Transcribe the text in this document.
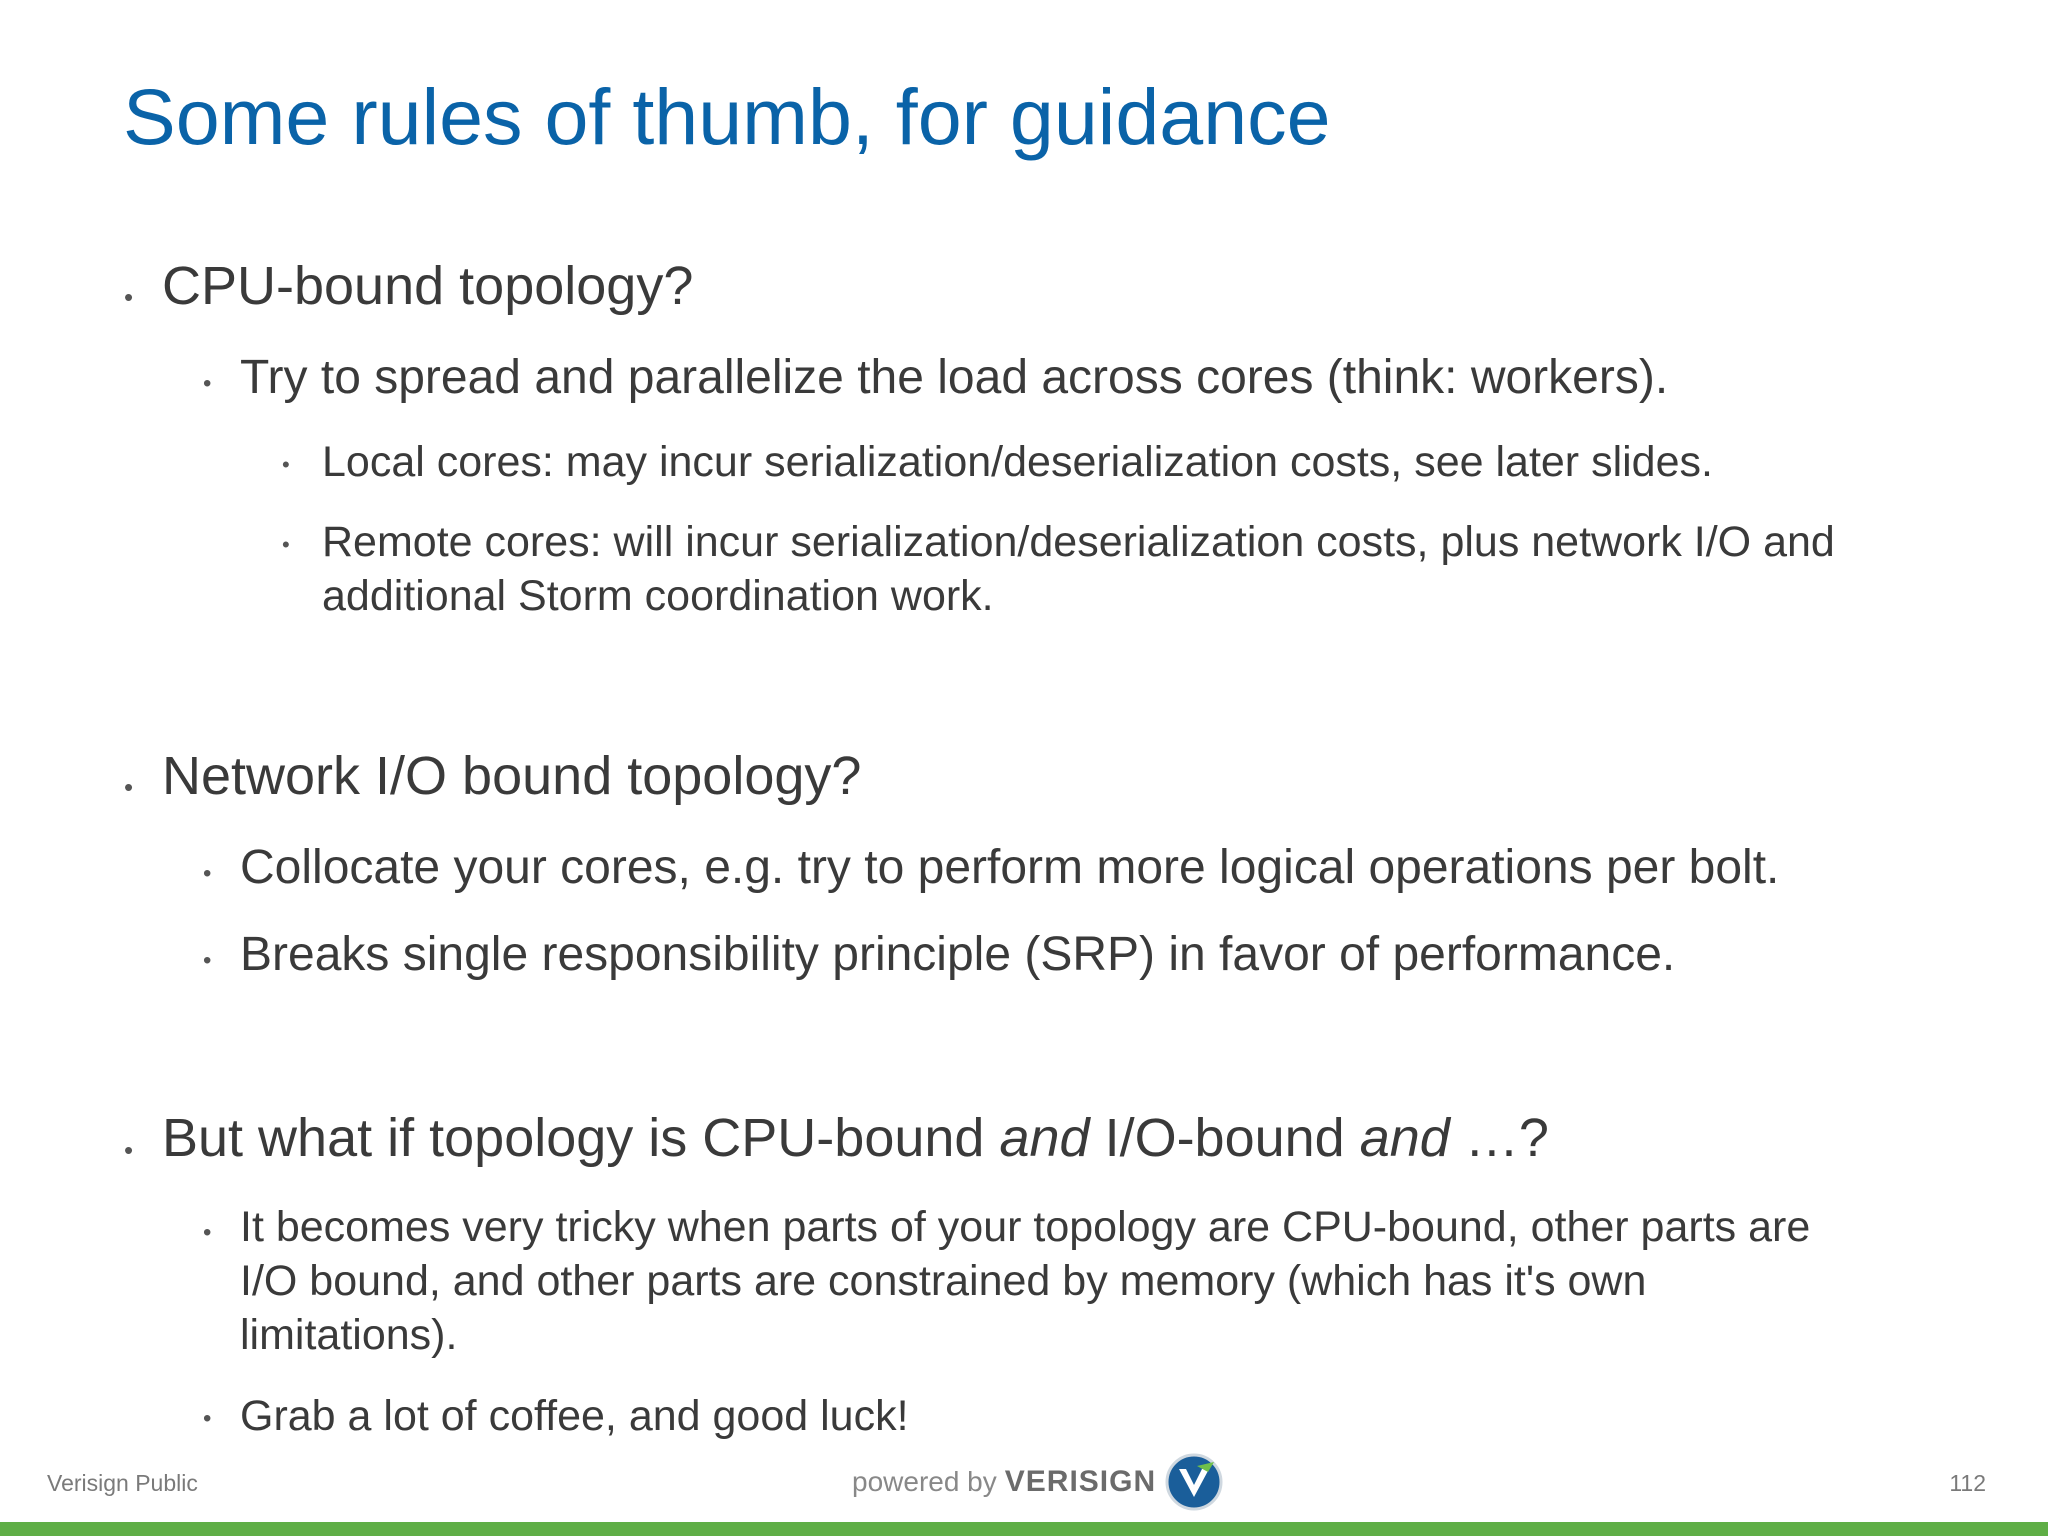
Some rules of thumb, for guidance
• CPU-bound topology?
• Try to spread and parallelize the load across cores (think: workers).
• Local cores: may incur serialization/deserialization costs, see later slides.
• Remote cores: will incur serialization/deserialization costs, plus network I/O and
additional Storm coordination work.
• Network I/O bound topology?
• Collocate your cores, e.g. try to perform more logical operations per bolt.
• Breaks single responsibility principle (SRP) in favor of performance.
• But what if topology is CPU-bound and I/O-bound and …?
• It becomes very tricky when parts of your topology are CPU-bound, other parts are
I/O bound, and other parts are constrained by memory (which has it's own
limitations).
• Grab a lot of coffee, and good luck!
Verisign Public	powered by VERISIGN	112
